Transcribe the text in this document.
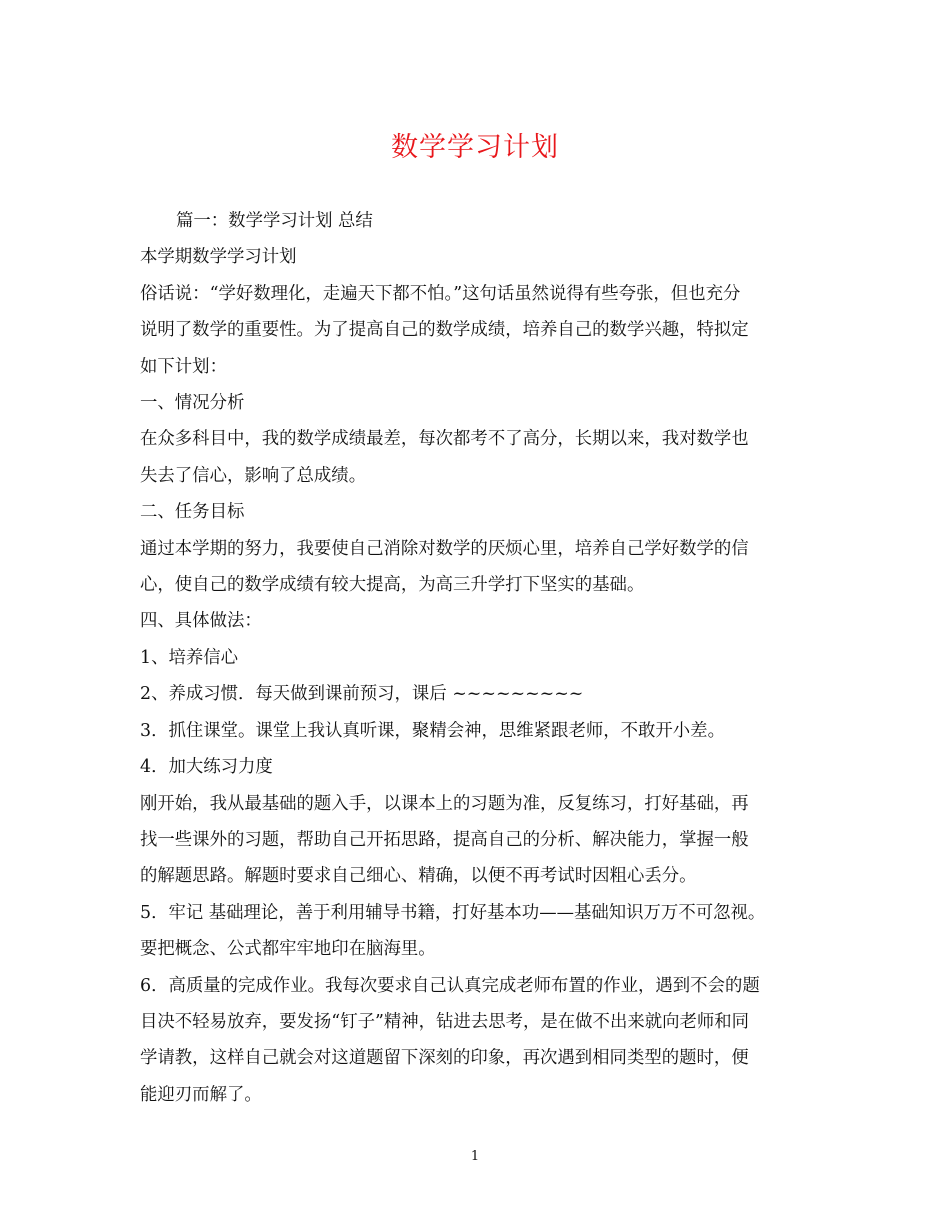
数学学习计划

篇一：数学学习计划 总结

本学期数学学习计划

俗话说：“学好数理化，走遍天下都不怕。”这句话虽然说得有些夸张，但也充分

说明了数学的重要性。为了提高自己的数学成绩，培养自己的数学兴趣，特拟定

如下计划：

一、情况分析

在众多科目中，我的数学成绩最差，每次都考不了高分，长期以来，我对数学也

失去了信心，影响了总成绩。

二、任务目标

通过本学期的努力，我要使自己消除对数学的厌烦心里，培养自己学好数学的信

心，使自己的数学成绩有较大提高，为高三升学打下坚实的基础。

四、具体做法：

1、培养信心

2、养成习惯．每天做到课前预习，课后 ~~~~~~~~~

3．抓住课堂。课堂上我认真听课，聚精会神，思维紧跟老师，不敢开小差。

4．加大练习力度

刚开始，我从最基础的题入手，以课本上的习题为准，反复练习，打好基础，再

找一些课外的习题，帮助自己开拓思路，提高自己的分析、解决能力，掌握一般

的解题思路。解题时要求自己细心、精确，以便不再考试时因粗心丢分。

5．牢记 基础理论，善于利用辅导书籍，打好基本功——基础知识万万不可忽视。

要把概念、公式都牢牢地印在脑海里。

6．高质量的完成作业。我每次要求自己认真完成老师布置的作业，遇到不会的题

目决不轻易放弃，要发扬“钉子”精神，钻进去思考，是在做不出来就向老师和同

学请教，这样自己就会对这道题留下深刻的印象，再次遇到相同类型的题时，便

能迎刃而解了。

1
